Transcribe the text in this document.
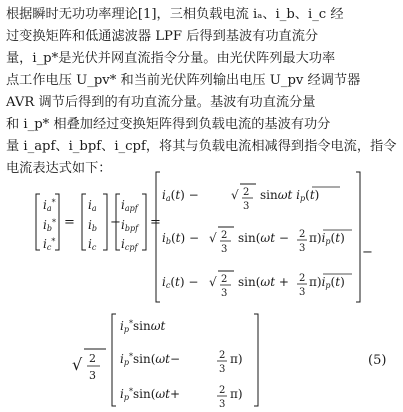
根据瞬时无功功率理论[1]，三相负载电流 iₐ、i_b、i_c 经
过变换矩阵和低通滤波器 LPF 后得到基波有功直流分
量，i_p*是光伏并网直流指令分量。由光伏阵列最大功率
点工作电压 U_pv* 和当前光伏阵列输出电压 U_pv 经调节器
AVR 调节后得到的有功直流分量。基波有功直流分量
和 i_p* 相叠加经过变换矩阵得到负载电流的基波有功分
量 i_apf、i_bpf、i_cpf，将其与负载电流相减得到指令电流，指令
电流表达式如下：
=	=
−
−
ia*
ib*
ic*
ia
ib
ic
iapf
ibpf
icpf
ia(t) −	√ 2
3
sinωt ip(t)
ib(t) − √ 2
3
sin(ωt − 2
3
π)ip(t)
ic(t) − √ 2
3
sin(ωt + 2
3
π)ip(t)
√ 2
3
ip*sinωt
ip*sin(ωt−	2
3
π)
ip*sin(ωt+	2
3
π)
(5)
